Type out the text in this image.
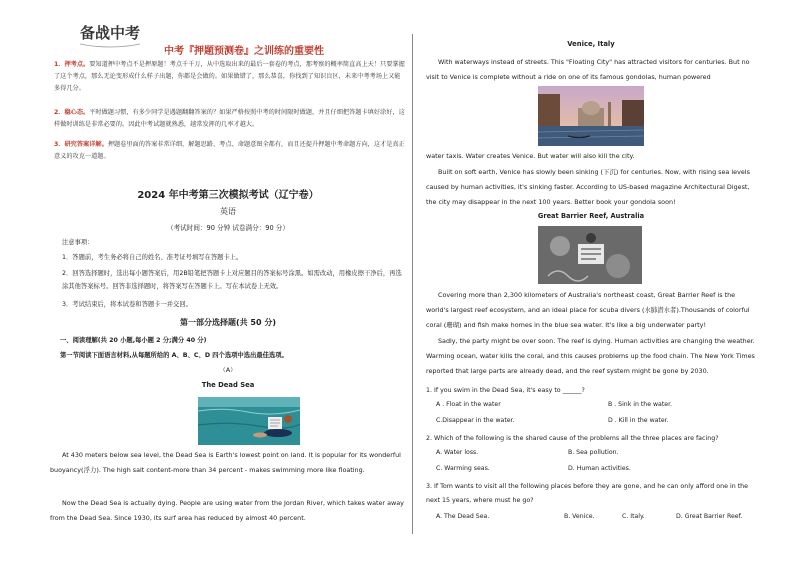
备战中考
中考『押题预测卷』之训练的重要性
1．押考点。要知道押中考点不是押原题！考点千千万，从中选取出来的最后一套卷的考点，那考察的概率简直高上天！只要掌握了这个考点，那么无论变形成什么样子出题，你都是会做的。如果做错了，那么恭喜，你找到了知识盲区，未来中考考场上又能多得几分。
2．稳心态。平时做题习惯，有多少同学是遇题翻翻答案的？如果严格按照中考的时间限时做题，并且仔细把答题卡填好涂好，这样做时训练是非常必要的。因此中考试题就熟悉，越常发挥的几率才越大。
3．研究答案详解。押题卷里面的答案非常详细，解题思路、考点、命题意图全都有，而且还提升押题中考命题方向，这才是真正意义的攻克一道题。
2024 年中考第三次模拟考试（辽宁卷）
英语
（考试时间：90 分钟 试卷满分：90 分）
注意事项：
1．答题前，考生务必将自己的姓名、准考证号填写在答题卡上。
2．回答选择题时，选出每小题答案后，用2B铅笔把答题卡上对应题目的答案标号涂黑。如需改动，用橡皮擦干净后，再选涂其他答案标号。回答非选择题时，将答案写在答题卡上。写在本试卷上无效。
3．考试结束后，将本试卷和答题卡一并交回。
第一部分选择题(共 50 分)
一、阅读理解(共 20 小题,每小题 2 分;满分 40 分)
第一节阅读下面语言材料,从每题所给的 A、B、C、D 四个选项中选出最佳选项。
（A）
The Dead Sea
At 430 meters below sea level, the Dead Sea is Earth's lowest point on land. It is popular for its wonderful buoyancy(浮力). The high salt content-more than 34 percent - makes swimming more like floating.
Now the Dead Sea is actually dying. People are using water from the Jordan River, which takes water away from the Dead Sea. Since 1930, its surf area has reduced by almost 40 percent.
Venice, Italy
With waterways instead of streets. This "Floating City" has attracted visitors for centuries. But no visit to Venice is complete without a ride on one of its famous gondolas, human powered
water taxis. Water creates Venice. But water will also kill the city.
Built on soft earth, Venice has slowly been sinking (下沉) for centuries. Now, with rising sea levels caused by human activities, it's sinking faster. According to US-based magazine Architectural Digest, the city may disappear in the next 100 years. Better book your gondola soon!
Great Barrier Reef, Australia
Covering more than 2,300 kilometers of Australia's northeast coast, Great Barrier Reef is the world's largest reef ecosystem, and an ideal place for scuba divers (水肺潜水者).Thousands of colorful coral (珊瑚) and fish make homes in the blue sea water. It's like a big underwater party!
Sadly, the party might be over soon. The reef is dying. Human activities are changing the weather. Warming ocean, water kills the coral, and this causes problems up the food chain. The New York Times reported that large parts are already dead, and the reef system might be gone by 2030.
1. If you swim in the Dead Sea, it's easy to ______?
A . Float in the water	B . Sink in the water.
C.Disappear in the water.	D . Kill in the water.
2. Which of the following is the shared cause of the problems all the three places are facing?
A. Water loss.	B. Sea pollution.
C. Warming seas.	D. Human activities.
3. If Tom wants to visit all the following places before they are gone, and he can only afford one in the next 15 years, where must he go?
A. The Dead Sea.	B. Venice.	C. Italy.	D. Great Barrier Reef.
